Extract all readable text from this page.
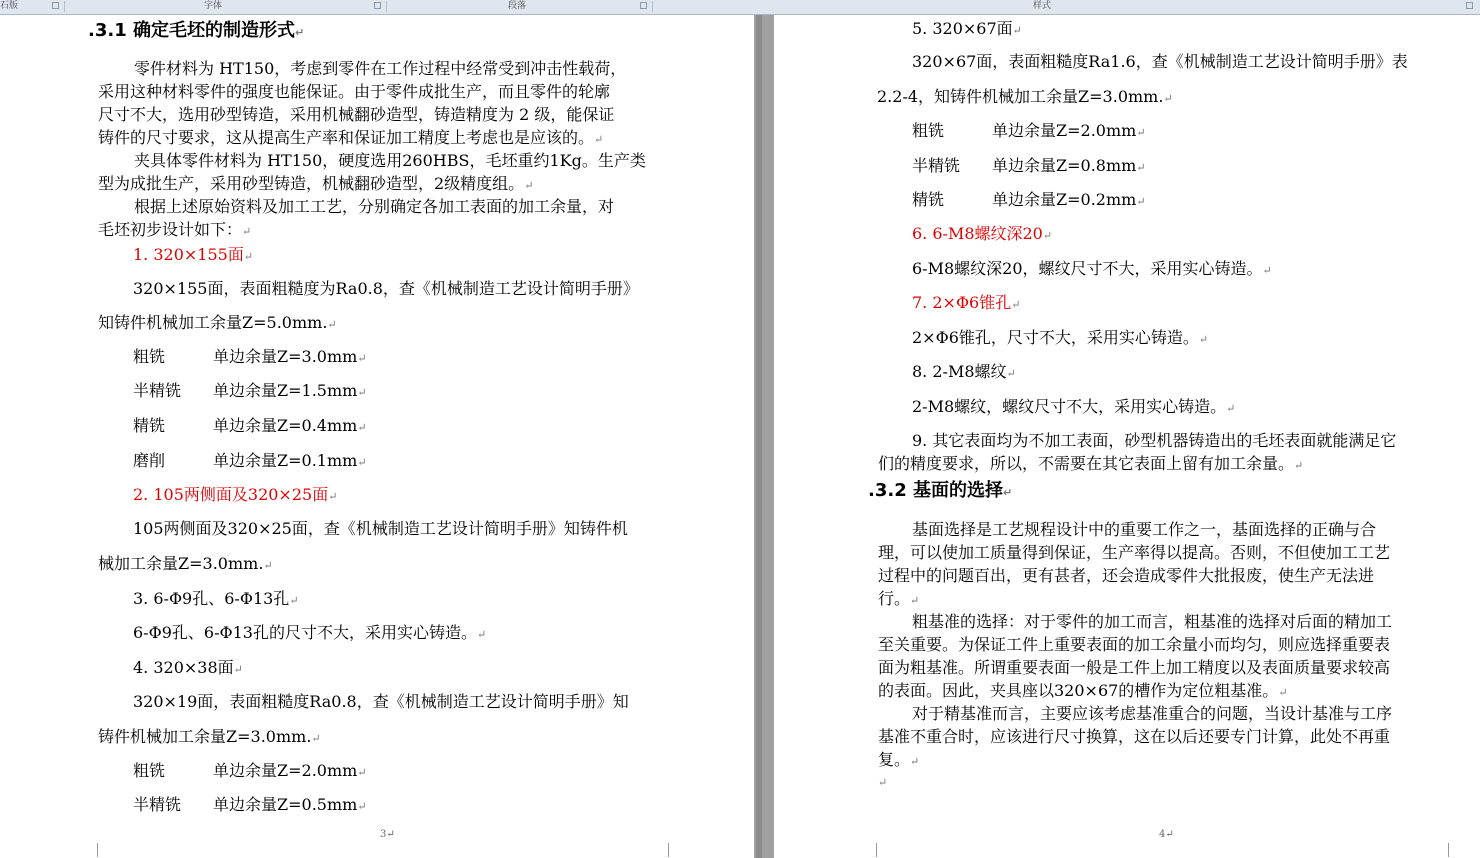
石版	字体	段落	样式
.3.1 确定毛坯的制造形式↵
零件材料为 HT150，考虑到零件在工作过程中经常受到冲击性载荷，
采用这种材料零件的强度也能保证。由于零件成批生产，而且零件的轮廓
尺寸不大，选用砂型铸造，采用机械翻砂造型，铸造精度为 2 级，能保证
铸件的尺寸要求，这从提高生产率和保证加工精度上考虑也是应该的。↵
夹具体零件材料为 HT150，硬度选用260HBS，毛坯重约1Kg。生产类
型为成批生产，采用砂型铸造，机械翻砂造型，2级精度组。↵
根据上述原始资料及加工工艺，分别确定各加工表面的加工余量，对
毛坯初步设计如下：↵
1. 320×155面↵
320×155面，表面粗糙度为Ra0.8，查《机械制造工艺设计简明手册》
知铸件机械加工余量Z=5.0mm.↵
粗铣	单边余量Z=3.0mm↵
半精铣 单边余量Z=1.5mm↵
精铣	单边余量Z=0.4mm↵
磨削	单边余量Z=0.1mm↵
2. 105两侧面及320×25面↵
105两侧面及320×25面，查《机械制造工艺设计简明手册》知铸件机
械加工余量Z=3.0mm.↵
3. 6-Φ9孔、6-Φ13孔↵
6-Φ9孔、6-Φ13孔的尺寸不大，采用实心铸造。↵
4. 320×38面↵
320×19面，表面粗糙度Ra0.8，查《机械制造工艺设计简明手册》知
铸件机械加工余量Z=3.0mm.↵
粗铣	单边余量Z=2.0mm↵
半精铣 单边余量Z=0.5mm↵
3↵
5. 320×67面↵
320×67面，表面粗糙度Ra1.6，查《机械制造工艺设计简明手册》表
2.2-4，知铸件机械加工余量Z=3.0mm.↵
粗铣	单边余量Z=2.0mm↵
半精铣 单边余量Z=0.8mm↵
精铣	单边余量Z=0.2mm↵
6. 6-M8螺纹深20↵
6-M8螺纹深20，螺纹尺寸不大，采用实心铸造。↵
7. 2×Φ6锥孔↵
2×Φ6锥孔，尺寸不大，采用实心铸造。↵
8. 2-M8螺纹↵
2-M8螺纹，螺纹尺寸不大，采用实心铸造。↵
9. 其它表面均为不加工表面，砂型机器铸造出的毛坯表面就能满足它
们的精度要求，所以，不需要在其它表面上留有加工余量。↵
.3.2 基面的选择↵
基面选择是工艺规程设计中的重要工作之一，基面选择的正确与合
理，可以使加工质量得到保证，生产率得以提高。否则，不但使加工工艺
过程中的问题百出，更有甚者，还会造成零件大批报废，使生产无法进
行。↵
粗基准的选择：对于零件的加工而言，粗基准的选择对后面的精加工
至关重要。为保证工件上重要表面的加工余量小而均匀，则应选择重要表
面为粗基准。所谓重要表面一般是工件上加工精度以及表面质量要求较高
的表面。因此，夹具座以320×67的槽作为定位粗基准。↵
对于精基准而言，主要应该考虑基准重合的问题，当设计基准与工序
基准不重合时，应该进行尺寸换算，这在以后还要专门计算，此处不再重
复。↵
↵
4↵
